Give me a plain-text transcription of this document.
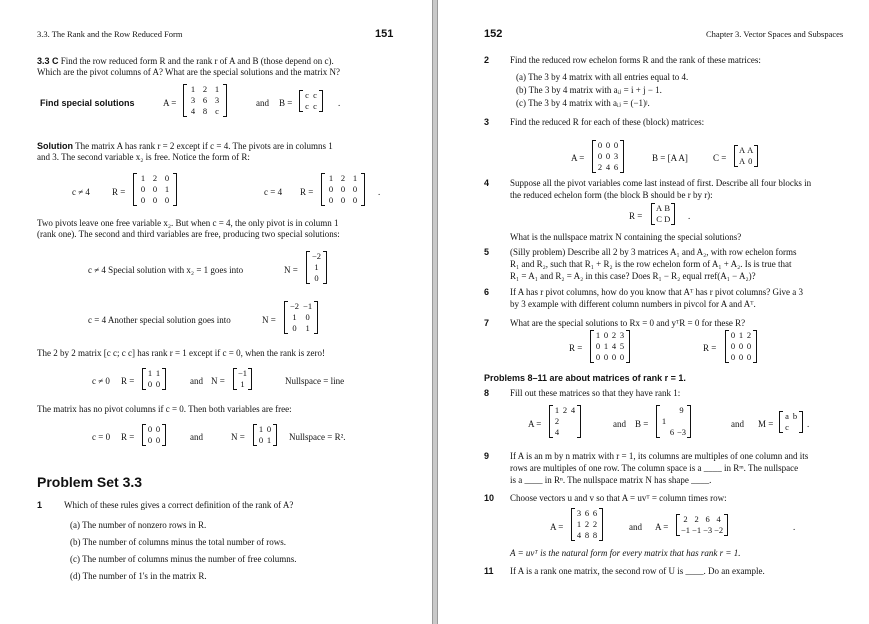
3.3. The Rank and the Row Reduced Form	151
3.3 C Find the row reduced form R and the rank r of A and B (those depend on c).
Which are the pivot columns of A? What are the special solutions and the matrix N?
Find special solutions	A =
1	2	1
3	6	3
4	8	c
and B =
c	c
c	c .
Solution The matrix A has rank r = 2 except if c = 4. The pivots are in columns 1
and 3. The second variable x₂ is free. Notice the form of R:
c ≠ 4 R =
1	2	0
0	0	1
0	0	0
c = 4 R =
1	2	1
0	0	0
0	0	0
.
Two pivots leave one free variable x₂. But when c = 4, the only pivot is in column 1
(rank one). The second and third variables are free, producing two special solutions:
c ≠ 4 Special solution with x₂ = 1 goes into	N =
−2
1
0
c = 4 Another special solution goes into	N =
−2	−1
1	0
0	1
The 2 by 2 matrix [c c; c c] has rank r = 1 except if c = 0, when the rank is zero!
c ≠ 0 R =
1	1
0	0	and N =
−1
1	Nullspace = line
The matrix has no pivot columns if c = 0. Then both variables are free:
c = 0 R =
0	0
0	0	and	N =
1	0
0	1 Nullspace = R².
Problem Set 3.3
1 Which of these rules gives a correct definition of the rank of A?
(a) The number of nonzero rows in R.
(b) The number of columns minus the total number of rows.
(c) The number of columns minus the number of free columns.
(d) The number of 1's in the matrix R.
152	Chapter 3. Vector Spaces and Subspaces
2 Find the reduced row echelon forms R and the rank of these matrices:
(a) The 3 by 4 matrix with all entries equal to 4.
(b) The 3 by 4 matrix with aᵢⱼ = i + j − 1.
(c) The 3 by 4 matrix with aᵢⱼ = (−1)ʲ.
3 Find the reduced R for each of these (block) matrices:
A =
0	0	0
0	0	3
2	4	6
B = [A A]	C =
A	A
A	0
4 Suppose all the pivot variables come last instead of first. Describe all four blocks in
the reduced echelon form (the block B should be r by r):
R =
A	B
C	D .
What is the nullspace matrix N containing the special solutions?
5 (Silly problem) Describe all 2 by 3 matrices A₁ and A₂, with row echelon forms
R₁ and R₂, such that R₁ + R₂ is the row echelon form of A₁ + A₂. Is is true that
R₁ = A₁ and R₂ = A₂ in this case? Does R₁ − R₂ equal rref(A₁ − A₂)?
6 If A has r pivot columns, how do you know that Aᵀ has r pivot columns? Give a 3
by 3 example with different column numbers in pivcol for A and Aᵀ.
7 What are the special solutions to Rx = 0 and yᵀR = 0 for these R?
R =
1	0	2	3
0	1	4	5
0	0	0	0
R =
0	1	2
0	0	0
0	0	0
Problems 8–11 are about matrices of rank r = 1.
8 Fill out these matrices so that they have rank 1:
A =
1	2	4
2		
4		
and B =
		9
1		
	6	−3
and M =
a	b
c	.
9 If A is an m by n matrix with r = 1, its columns are multiples of one column and its
rows are multiples of one row. The column space is a ____ in Rᵐ. The nullspace
is a ____ in Rⁿ. The nullspace matrix N has shape ____.
10 Choose vectors u and v so that A = uvᵀ = column times row:
A =
3	6	6
1	2	2
4	8	8
and A =
2	2	6	4
−1	−1	−3	−2	.
A = uvᵀ is the natural form for every matrix that has rank r = 1.
11 If A is a rank one matrix, the second row of U is ____. Do an example.
